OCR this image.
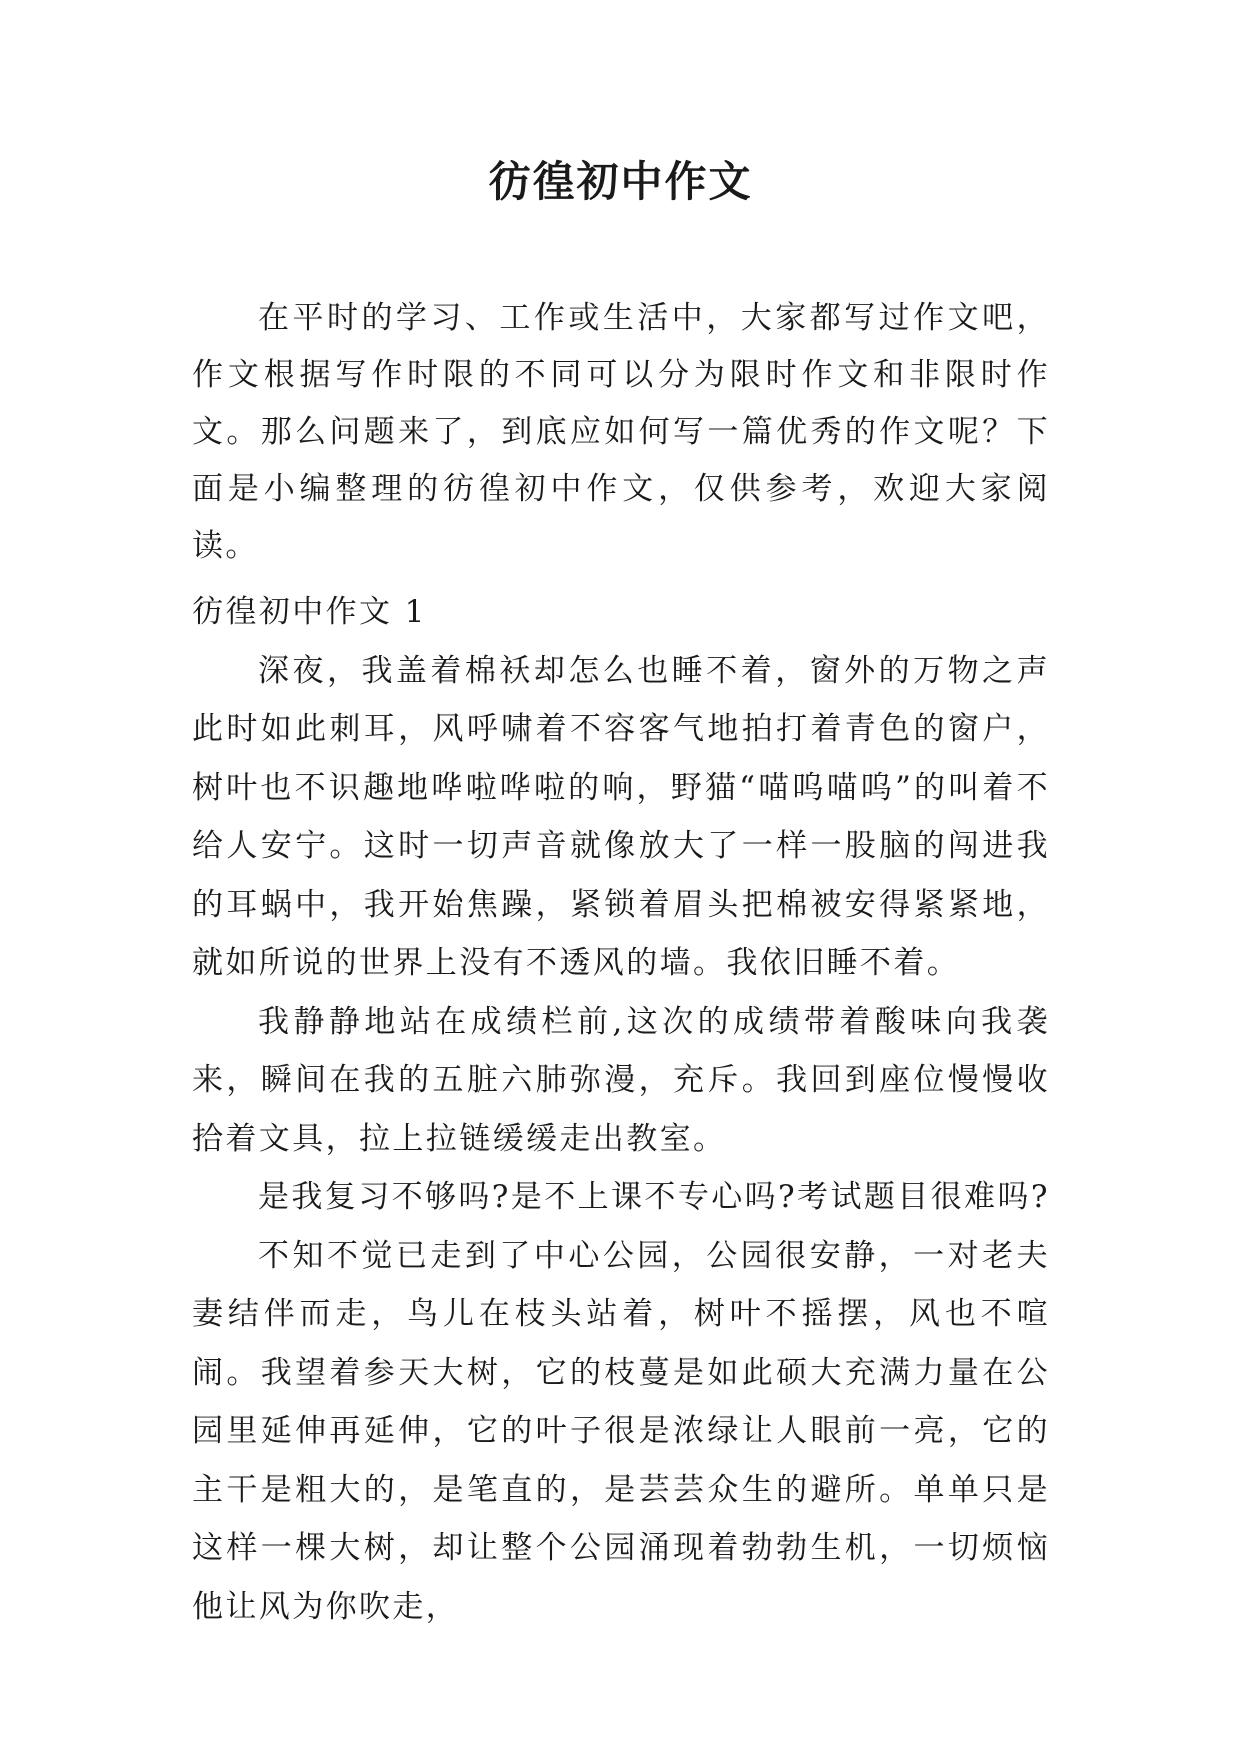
彷徨初中作文

在平时的学习、工作或生活中，大家都写过作文吧，作文根据写作时限的不同可以分为限时作文和非限时作文。那么问题来了，到底应如何写一篇优秀的作文呢？下面是小编整理的彷徨初中作文，仅供参考，欢迎大家阅读。

彷徨初中作文 1

深夜，我盖着棉袄却怎么也睡不着，窗外的万物之声此时如此刺耳，风呼啸着不容客气地拍打着青色的窗户，树叶也不识趣地哗啦哗啦的响，野猫“喵呜喵呜”的叫着不给人安宁。这时一切声音就像放大了一样一股脑的闯进我的耳蜗中，我开始焦躁，紧锁着眉头把棉被安得紧紧地，就如所说的世界上没有不透风的墙。我依旧睡不着。

我静静地站在成绩栏前,这次的成绩带着酸味向我袭来，瞬间在我的五脏六肺弥漫，充斥。我回到座位慢慢收拾着文具，拉上拉链缓缓走出教室。

是我复习不够吗?是不上课不专心吗?考试题目很难吗?

不知不觉已走到了中心公园，公园很安静，一对老夫妻结伴而走，鸟儿在枝头站着，树叶不摇摆，风也不喧闹。我望着参天大树，它的枝蔓是如此硕大充满力量在公园里延伸再延伸，它的叶子很是浓绿让人眼前一亮，它的主干是粗大的，是笔直的，是芸芸众生的避所。单单只是这样一棵大树，却让整个公园涌现着勃勃生机，一切烦恼他让风为你吹走，
